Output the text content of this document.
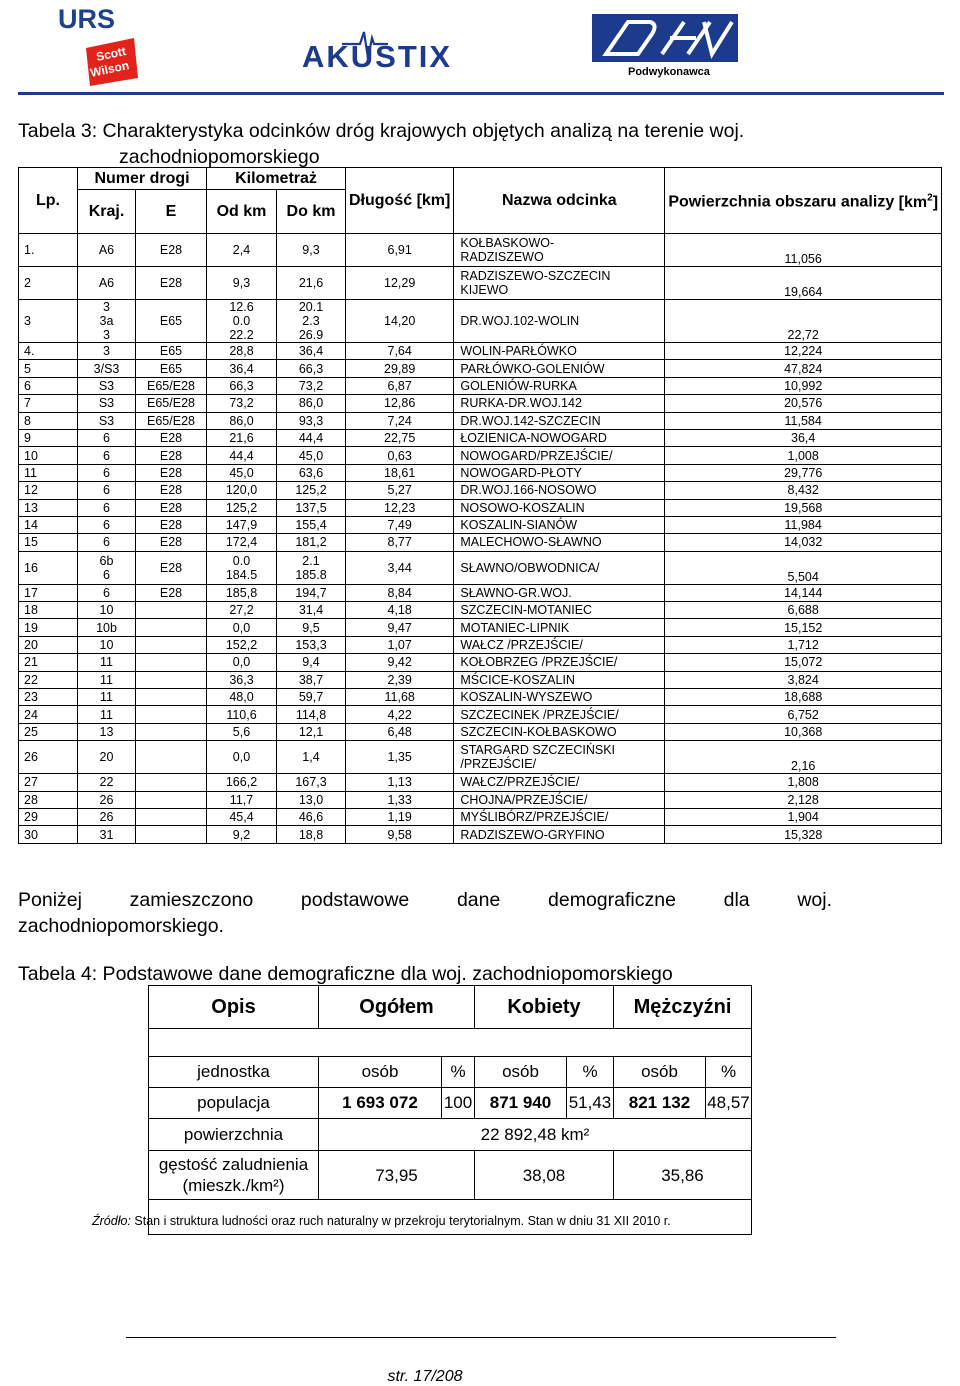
URS
Scott
Wilson	AKUSTIX
DHV
Podwykonawca
Tabela 3: Charakterystyka odcinków dróg krajowych objętych analizą na terenie woj.
zachodniopomorskiego
Lp.	Numer drogi		Kilometraż		Długość [km]	Nazwa odcinka	Powierzchnia obszaru analizy $[km^2]$
	Kraj.	E	Od km	Do km			
1.	A6	E28	2,4	9,3	6,91	KOŁBASKOWO-
RADZISZEWO	11,056
2	A6	E28	9,3	21,6	12,29	RADZISZEWO-SZCZECIN
KIJEWO	19,664
3	3
3a
3	E65	12.6
0.0
22.2	20.1
2.3
26.9	14,20	DR.WOJ.102-WOLIN	22,72
4.	3	E65	28,8	36,4	7,64	WOLIN-PARŁÓWKO	12,224
5	3/S3	E65	36,4	66,3	29,89	PARŁÓWKO-GOLENIÓW	47,824
6	S3	E65/E28	66,3	73,2	6,87	GOLENIÓW-RURKA	10,992
7	S3	E65/E28	73,2	86,0	12,86	RURKA-DR.WOJ.142	20,576
8	S3	E65/E28	86,0	93,3	7,24	DR.WOJ.142-SZCZECIN	11,584
9	6	E28	21,6	44,4	22,75	ŁOZIENICA-NOWOGARD	36,4
10	6	E28	44,4	45,0	0,63	NOWOGARD/PRZEJŚCIE/	1,008
11	6	E28	45,0	63,6	18,61	NOWOGARD-PŁOTY	29,776
12	6	E28	120,0	125,2	5,27	DR.WOJ.166-NOSOWO	8,432
13	6	E28	125,2	137,5	12,23	NOSOWO-KOSZALIN	19,568
14	6	E28	147,9	155,4	7,49	KOSZALIN-SIANÓW	11,984
15	6	E28	172,4	181,2	8,77	MALECHOWO-SŁAWNO	14,032
16	6b
6	E28	0.0
184.5	2.1
185.8	3,44	SŁAWNO/OBWODNICA/	5,504
17	6	E28	185,8	194,7	8,84	SŁAWNO-GR.WOJ.	14,144
18	10		27,2	31,4	4,18	SZCZECIN-MOTANIEC	6,688
19	10b		0,0	9,5	9,47	MOTANIEC-LIPNIK	15,152
20	10		152,2	153,3	1,07	WAŁCZ /PRZEJŚCIE/	1,712
21	11		0,0	9,4	9,42	KOŁOBRZEG /PRZEJŚCIE/	15,072
22	11		36,3	38,7	2,39	MŚCICE-KOSZALIN	3,824
23	11		48,0	59,7	11,68	KOSZALIN-WYSZEWO	18,688
24	11		110,6	114,8	4,22	SZCZECINEK /PRZEJŚCIE/	6,752
25	13		5,6	12,1	6,48	SZCZECIN-KOŁBASKOWO	10,368
26	20		0,0	1,4	1,35	STARGARD SZCZECIŃSKI
/PRZEJŚCIE/	2,16
27	22		166,2	167,3	1,13	WAŁCZ/PRZEJŚCIE/	1,808
28	26		11,7	13,0	1,33	CHOJNA/PRZEJŚCIE/	2,128
29	26		45,4	46,6	1,19	MYŚLIBÓRZ/PRZEJŚCIE/	1,904
30	31		9,2	18,8	9,58	RADZISZEWO-GRYFINO	15,328
Poniżej zamieszczono podstawowe dane demograficzne dla woj.
zachodniopomorskiego.
Tabela 4: Podstawowe dane demograficzne dla woj. zachodniopomorskiego
Opis	Ogółem		Kobiety		Mężczyźni	

jednostka	osób	%	osób	%	osób	%
populacja	1 693 072	100	871 940	51,43	821 132	48,57
powierzchnia	22 892,48 km²					

gęstość zaludnienia
(mieszk./km²)	73,95		38,08		35,86	

Źródło: Stan i struktura ludności oraz ruch naturalny w przekroju terytorialnym. Stan w dniu 31 XII 2010 r.
str. 17/208
